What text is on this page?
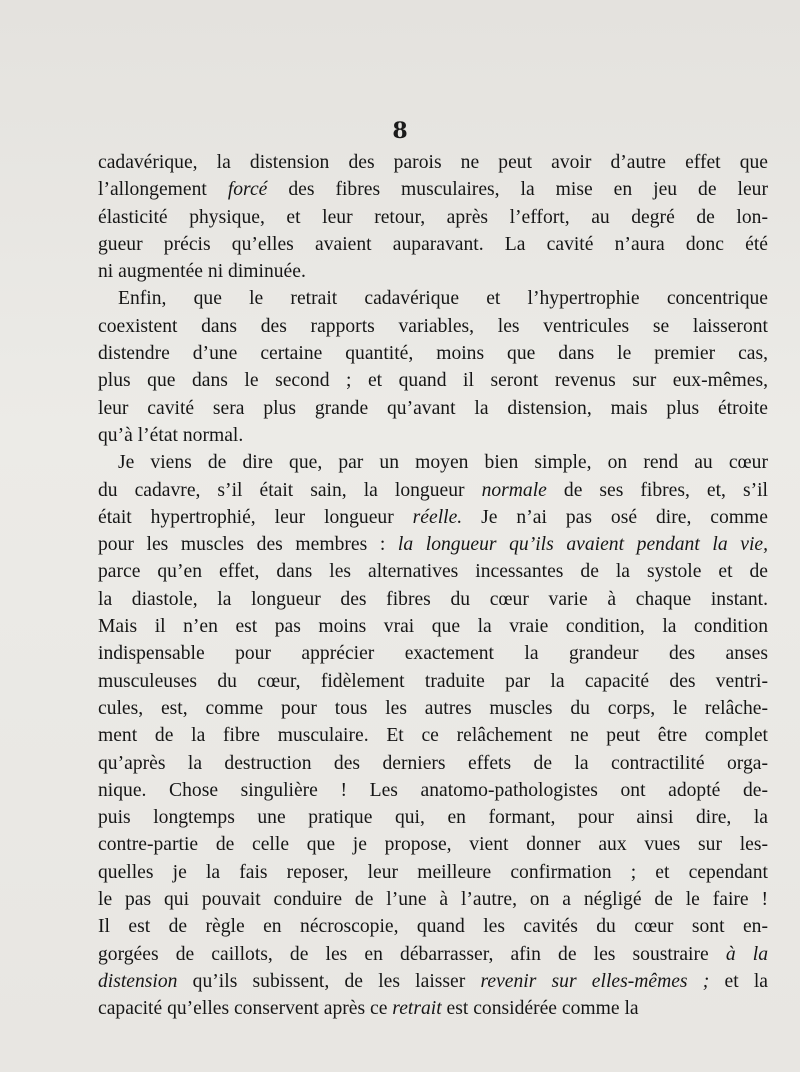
8
cadavérique, la distension des parois ne peut avoir d’autre effet que
l’allongement forcé des fibres musculaires, la mise en jeu de leur
élasticité physique, et leur retour, après l’effort, au degré de lon-
gueur précis qu’elles avaient auparavant. La cavité n’aura donc été
ni augmentée ni diminuée.
Enfin, que le retrait cadavérique et l’hypertrophie concentrique
coexistent dans des rapports variables, les ventricules se laisseront
distendre d’une certaine quantité, moins que dans le premier cas,
plus que dans le second ; et quand il seront revenus sur eux-mêmes,
leur cavité sera plus grande qu’avant la distension, mais plus étroite
qu’à l’état normal.
Je viens de dire que, par un moyen bien simple, on rend au cœur
du cadavre, s’il était sain, la longueur normale de ses fibres, et, s’il
était hypertrophié, leur longueur réelle. Je n’ai pas osé dire, comme
pour les muscles des membres : la longueur qu’ils avaient pendant la vie,
parce qu’en effet, dans les alternatives incessantes de la systole et de
la diastole, la longueur des fibres du cœur varie à chaque instant.
Mais il n’en est pas moins vrai que la vraie condition, la condition
indispensable pour apprécier exactement la grandeur des anses
musculeuses du cœur, fidèlement traduite par la capacité des ventri-
cules, est, comme pour tous les autres muscles du corps, le relâche-
ment de la fibre musculaire. Et ce relâchement ne peut être complet
qu’après la destruction des derniers effets de la contractilité orga-
nique. Chose singulière ! Les anatomo-pathologistes ont adopté de-
puis longtemps une pratique qui, en formant, pour ainsi dire, la
contre-partie de celle que je propose, vient donner aux vues sur les-
quelles je la fais reposer, leur meilleure confirmation ; et cependant
le pas qui pouvait conduire de l’une à l’autre, on a négligé de le faire !
Il est de règle en nécroscopie, quand les cavités du cœur sont en-
gorgées de caillots, de les en débarrasser, afin de les soustraire à la
distension qu’ils subissent, de les laisser revenir sur elles-mêmes ; et la
capacité qu’elles conservent après ce retrait est considérée comme la
